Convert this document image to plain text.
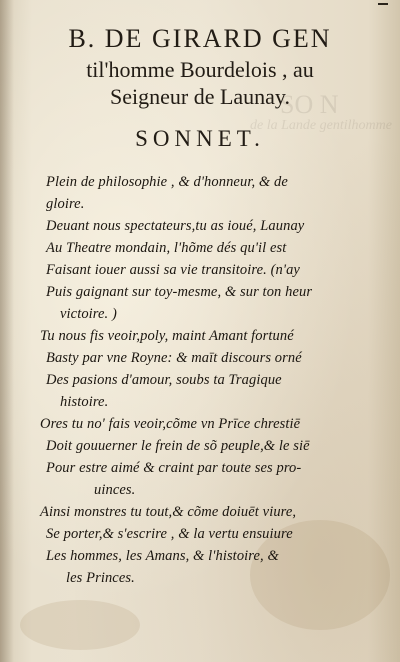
SO N
de la Lande gentilhomme
B. DE GIRARD GEN
til'homme Bourdelois , au
Seigneur de Launay.
SONNET.
Plein de philosophie , & d'honneur, & de
gloire.
Deuant nous spectateurs,tu as ioué, Launay
Au Theatre mondain, l'hõme dés qu'il est
Faisant iouer aussi sa vie transitoire. (n'ay
Puis gaignant sur toy-mesme, & sur ton heur
victoire. )
Tu nous fis veoir,poly, maint Amant fortuné
Basty par vne Royne: & maīt discours orné
Des pasions d'amour, soubs ta Tragique
histoire.
Ores tu no' fais veoir,cõme vn Prīce chrestiē
Doit gouuerner le frein de sõ peuple,& le siē
Pour estre aimé & craint par toute ses pro-
uinces.
Ainsi monstres tu tout,& cõme doiuēt viure,
Se porter,& s'escrire , & la vertu ensuiure
Les hommes, les Amans, & l'histoire, &
les Princes.
